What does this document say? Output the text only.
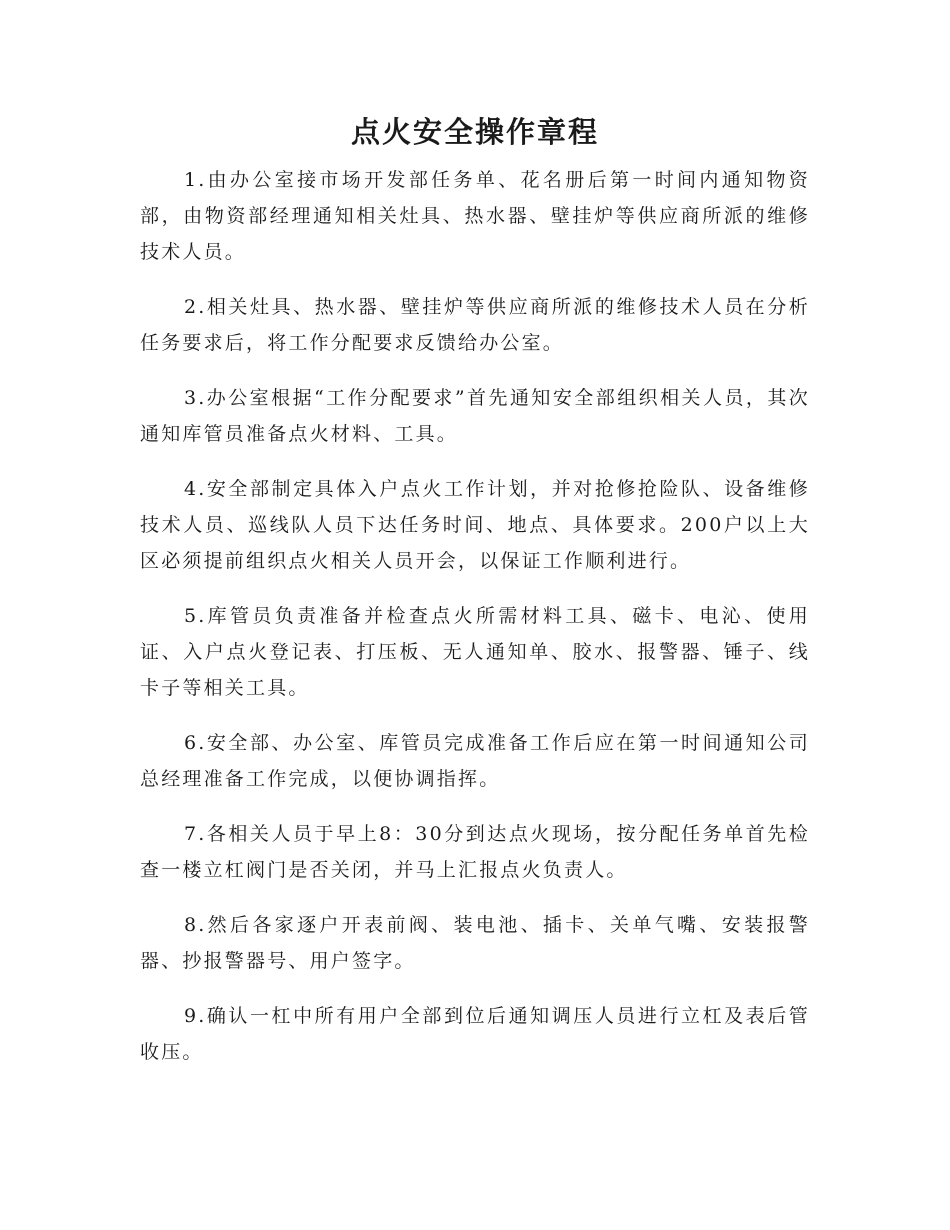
点火安全操作章程

1.由办公室接市场开发部任务单、花名册后第一时间内通知物资部，由物资部经理通知相关灶具、热水器、壁挂炉等供应商所派的维修技术人员。

2.相关灶具、热水器、壁挂炉等供应商所派的维修技术人员在分析任务要求后，将工作分配要求反馈给办公室。

3.办公室根据“工作分配要求”首先通知安全部组织相关人员，其次通知库管员准备点火材料、工具。

4.安全部制定具体入户点火工作计划，并对抢修抢险队、设备维修技术人员、巡线队人员下达任务时间、地点、具体要求。200户以上大区必须提前组织点火相关人员开会，以保证工作顺利进行。

5.库管员负责准备并检查点火所需材料工具、磁卡、电沁、使用证、入户点火登记表、打压板、无人通知单、胶水、报警器、锤子、线卡子等相关工具。

6.安全部、办公室、库管员完成准备工作后应在第一时间通知公司总经理准备工作完成，以便协调指挥。

7.各相关人员于早上8：30分到达点火现场，按分配任务单首先检查一楼立杠阀门是否关闭，并马上汇报点火负责人。

8.然后各家逐户开表前阀、装电池、插卡、关单气嘴、安装报警器、抄报警器号、用户签字。

9.确认一杠中所有用户全部到位后通知调压人员进行立杠及表后管收压。
